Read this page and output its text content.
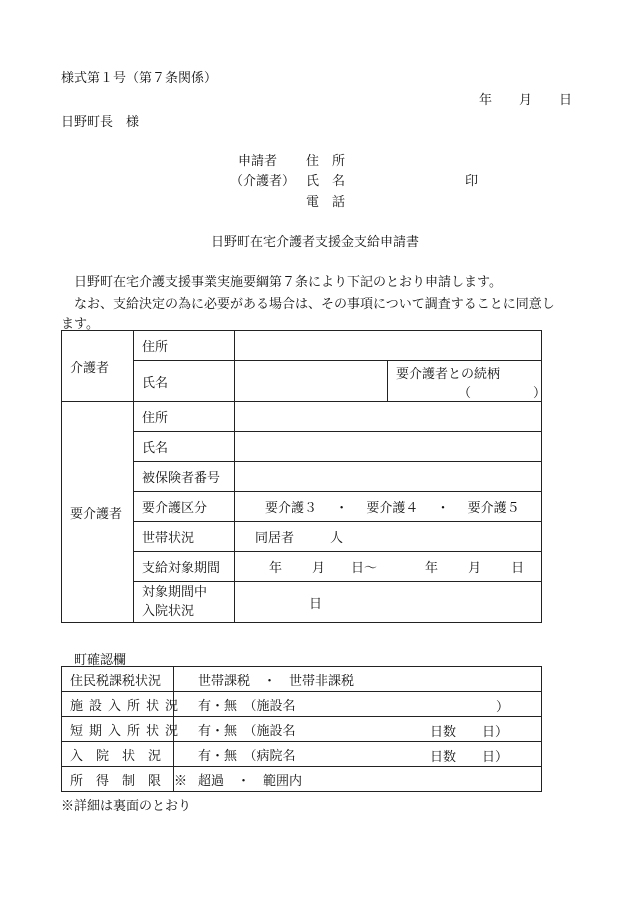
様式第１号（第７条関係）
年 月 日
日野町長　様
申請者 住　所
（介護者） 氏　名	印
電　話
日野町在宅介護者支援金支給申請書
日野町在宅介護支援事業実施要綱第７条により下記のとおり申請します。
なお、支給決定の為に必要がある場合は、その事項について調査することに同意し
ます。
介護者	住所		
	氏名		要介護者との続柄
（ ）

要介護者	住所		
	氏名		
	被保険者番号		
	要介護区分	要介護３ ・ 要介護４ ・ 要介護５	
	世帯状況	同居者 人	
	支給対象期間	年 月 日～ 年 月 日	

	対象期間中
入院状況	日	
町確認欄
住民税課税状況	世帯課税　・　世帯非課税
施設入所状況	有・無　（施設名 ）

短期入所状況	有・無　（施設名 日数 日）

入　院　状　況	有・無　（病院名 日数 日）

所　得　制　限　※	超過　・　範囲内
※詳細は裏面のとおり
